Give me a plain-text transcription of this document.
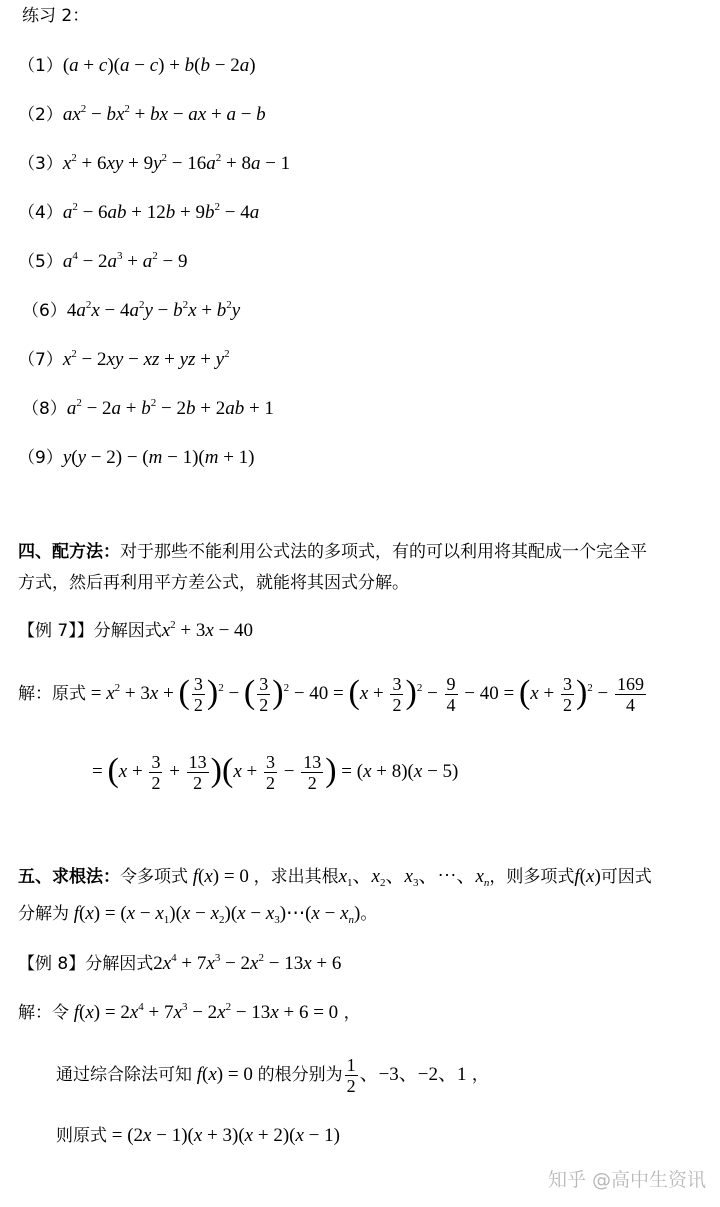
练习 2：
（1）(a + c)(a − c) + b(b − 2a)
$(2)ax^2 - bx^2$ + bx − ax + a − b
$(3)x^2 + 6xy + 9y^2 - 16a^2 + 8a - 1$
$(4)a^2 - 6ab + 12b + 9b^2 - 4a$
$(5)a^4 - 2a^3 + a^2 - 9$
$(6)4a^2x - 4a^2y - b^2x + b^2y$
$(7)x^2 - 2xy$ − xz + yz + $y^2$
$(8)a^2 - 2a + b^2 - 2b + 2ab + 1$
（9）y(y − 2) − (m − 1)(m + 1)
四、配方法：对于那些不能利用公式法的多项式，有的可以利用将其配成一个完全平
方式，然后再利用平方差公式，就能将其因式分解。
【例 7】】分解因式$x^2 + 3x - 40$
解：原式 = $x^2 + 3x$ + ( $\frac{3}{2} )^2$ − ( $\frac{3}{2} )^2 - 40 = (x + \frac{3}{2} )^2 - \frac{9}{4} - 40 = (x + \frac{3}{2} )^2 - \frac{169}{4}$
= $(x + \frac{3}{2} + \frac{13}{2} )(x + \frac{3}{2} - \frac{13}{2}$ ) = (x + 8)(x − 5)
五、求根法：令多项式 f(x) = 0 ，求出其根$x_1$、$x_2$、$x_3$、⋯、$x_n$，则多项式f(x)可因式
分解为 $f(x) = (x - x_1)(x - x_2)(x$ − $x_3)\cdots(x - x_n)$。
【例 8】分解因式$2x^4 + 7x^3 - 2x^2 - 13x + 6$
解：令 $f(x) = 2x^4 + 7x^3 - 2x^2 - 13x + 6 = 0$ ，
通过综合除法可知 f(x) = 0 的根分别为 $\frac{1}{2}$ 、−3、−2、1 ，
则原式 = (2x − 1)(x + 3)(x + 2)(x − 1)
知乎 @高中生资讯
